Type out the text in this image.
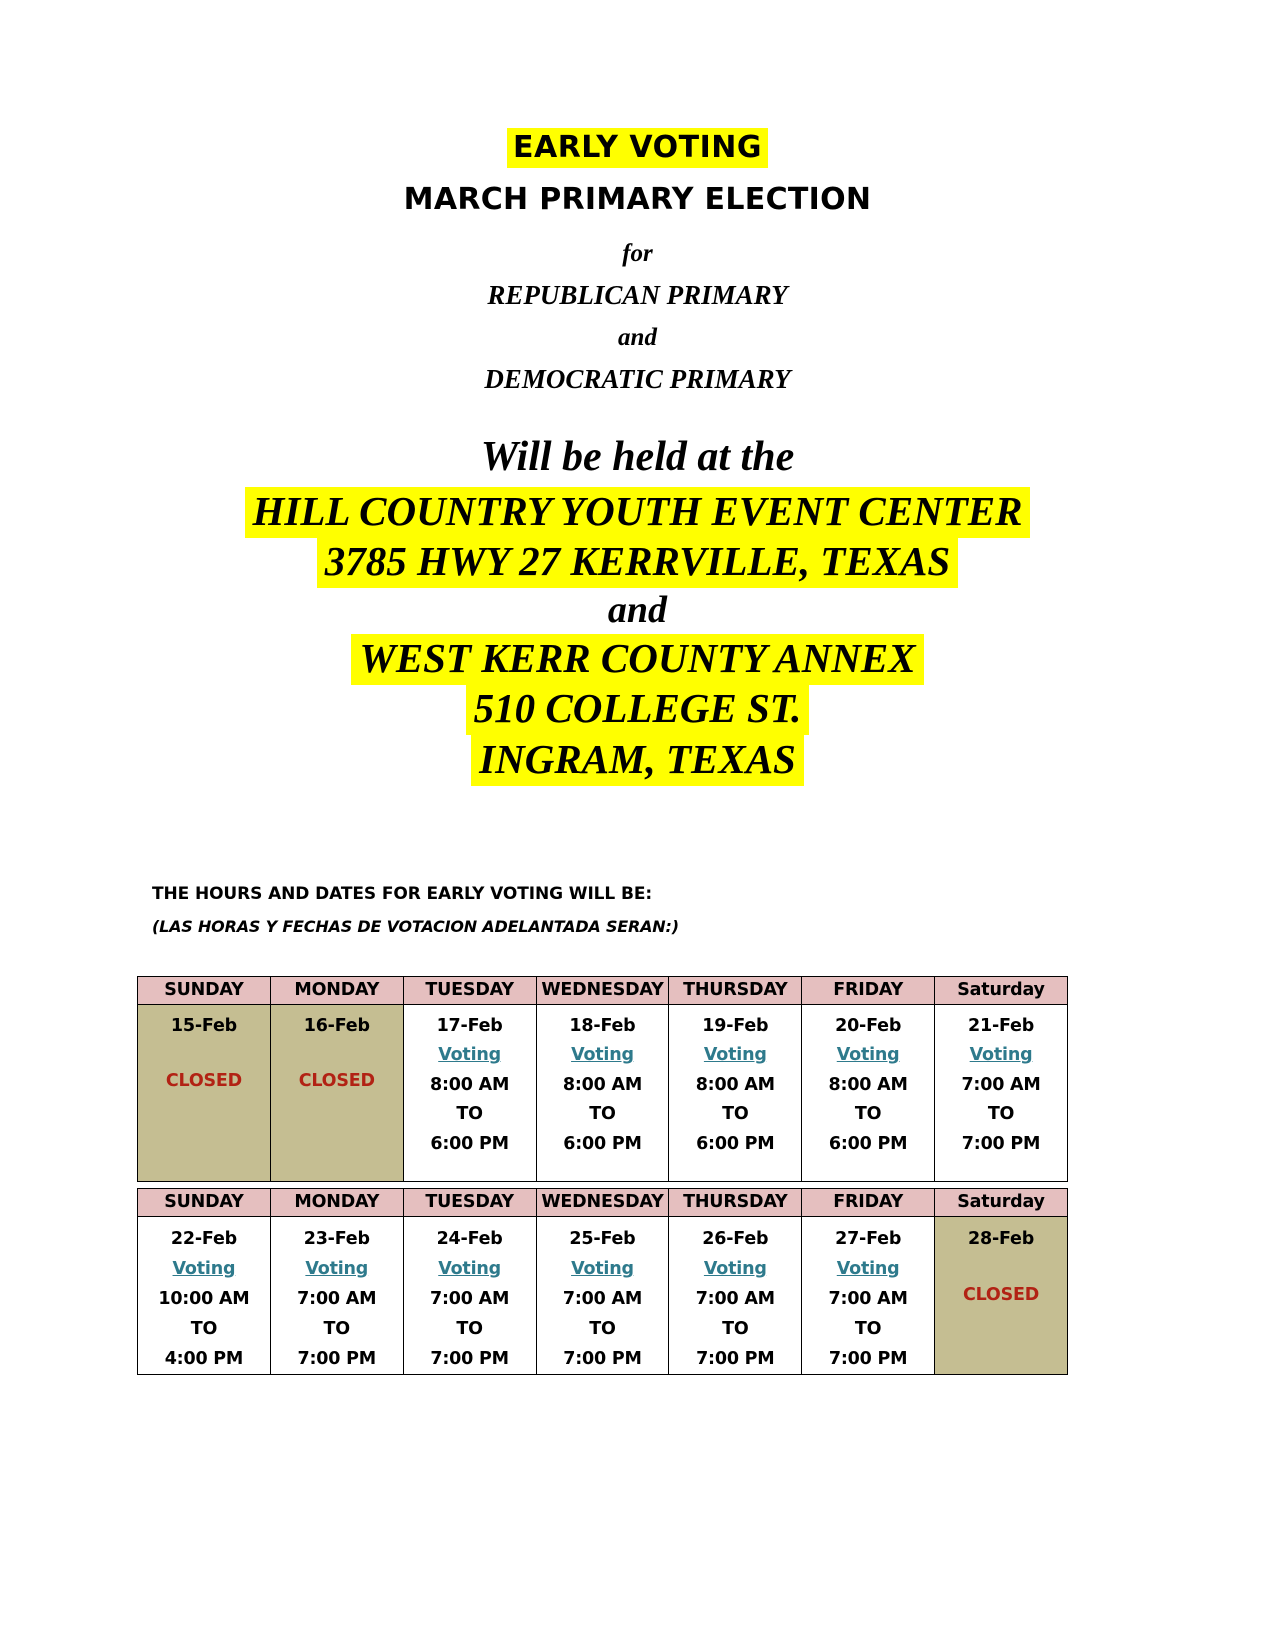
EARLY VOTING
MARCH PRIMARY ELECTION
for
REPUBLICAN PRIMARY
and
DEMOCRATIC PRIMARY
Will be held at the
HILL COUNTRY YOUTH EVENT CENTER
3785 HWY 27 KERRVILLE, TEXAS
and
WEST KERR COUNTY ANNEX
510 COLLEGE ST.
INGRAM, TEXAS
THE HOURS AND DATES FOR EARLY VOTING WILL BE:
(LAS HORAS Y FECHAS DE VOTACION ADELANTADA SERAN:)
SUNDAY	MONDAY	TUESDAY	WEDNESDAY	THURSDAY	FRIDAY	Saturday

15-Feb
CLOSED	16-Feb
CLOSED	17-Feb
Voting
8:00 AM
TO
6:00 PM	18-Feb
Voting
8:00 AM
TO
6:00 PM	19-Feb
Voting
8:00 AM
TO
6:00 PM	20-Feb
Voting
8:00 AM
TO
6:00 PM	21-Feb
Voting
7:00 AM
TO
7:00 PM
SUNDAY	MONDAY	TUESDAY	WEDNESDAY	THURSDAY	FRIDAY	Saturday

22-Feb
Voting
10:00 AM
TO
4:00 PM	23-Feb
Voting
7:00 AM
TO
7:00 PM	24-Feb
Voting
7:00 AM
TO
7:00 PM	25-Feb
Voting
7:00 AM
TO
7:00 PM	26-Feb
Voting
7:00 AM
TO
7:00 PM	27-Feb
Voting
7:00 AM
TO
7:00 PM	28-Feb
CLOSED
